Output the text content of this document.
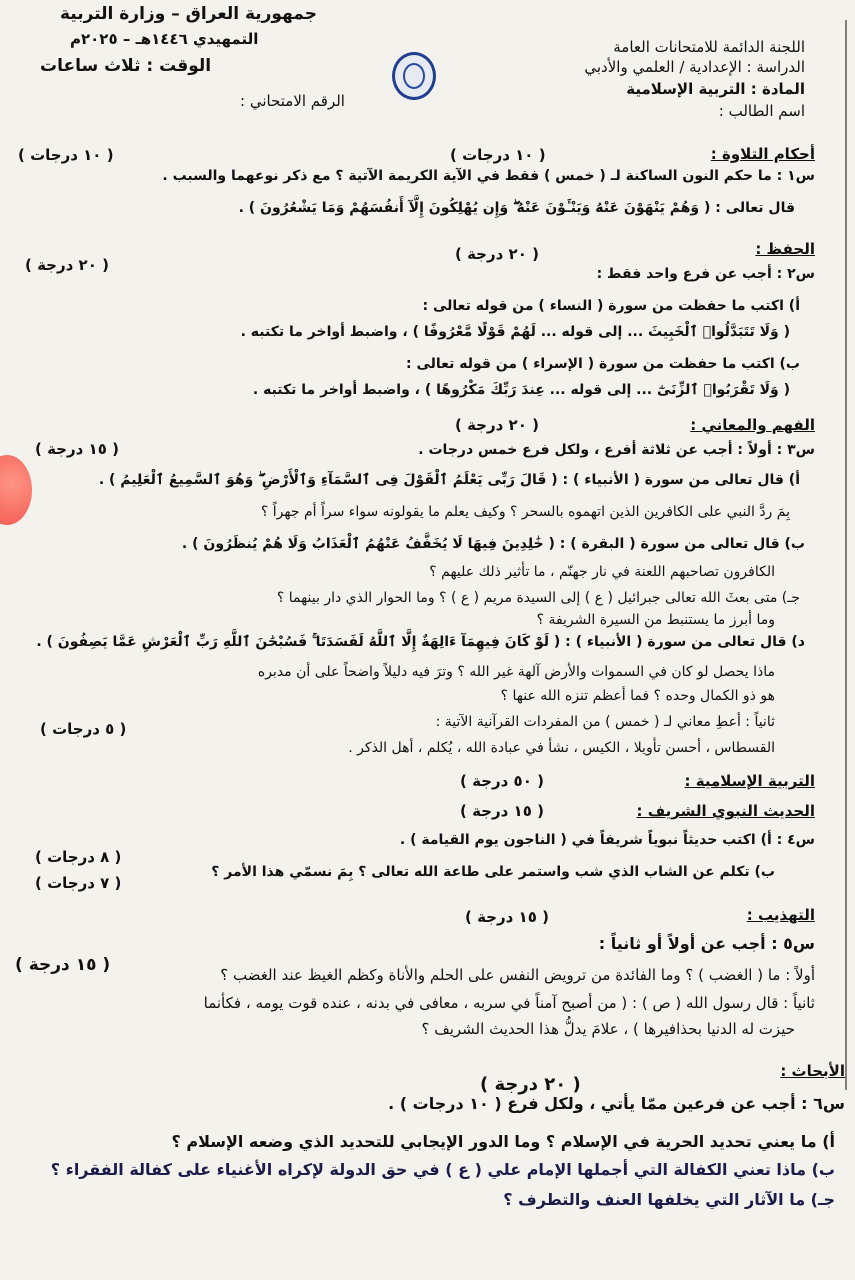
جمهورية العراق – وزارة التربية
التمهيدي ١٤٤٦هـ – ٢٠٢٥م
الوقت : ثلاث ساعات
الرقم الامتحاني :
اللجنة الدائمة للامتحانات العامة
الدراسة : الإعدادية / العلمي والأدبي
المادة : التربية الإسلامية
اسم الطالب :
أحكام التلاوة :
( ١٠ درجات )
( ١٠ درجات )
س١ : ما حكم النون الساكنة لـ ( خمس ) فقط في الآية الكريمة الآتية ؟ مع ذكر نوعهما والسبب .
قال تعالى : ( وَهُمْ يَنْهَوْنَ عَنْهُ وَيَنْـَٔوْنَ عَنْهُ ۖ وَإِن يُهْلِكُونَ إِلَّآ أَنفُسَهُمْ وَمَا يَشْعُرُونَ ) .
الحفظ :
( ٢٠ درجة )
( ٢٠ درجة )	س٢ : أجب عن فرع واحد فقط :
أ) اكتب ما حفظت من سورة ( النساء ) من قوله تعالى :
( وَلَا تَتَبَدَّلُوا۟ ٱلْخَبِيثَ ... إلى قوله ... لَهُمْ قَوْلًا مَّعْرُوفًا ) ، واضبط أواخر ما تكتبه .
ب) اكتب ما حفظت من سورة ( الإسراء ) من قوله تعالى :
( وَلَا تَقْرَبُوا۟ ٱلزِّنَىٰٓ ... إلى قوله ... عِندَ رَبِّكَ مَكْرُوهًا ) ، واضبط أواخر ما تكتبه .
الفهم والمعاني :
( ٢٠ درجة )
( ١٥ درجة )	س٣ : أولاً : أجب عن ثلاثة أفرع ، ولكل فرع خمس درجات .
أ) قال تعالى من سورة ( الأنبياء ) : ( قَالَ رَبِّى يَعْلَمُ ٱلْقَوْلَ فِى ٱلسَّمَآءِ وَٱلْأَرْضِ ۖ وَهُوَ ٱلسَّمِيعُ ٱلْعَلِيمُ ) .
بِمَ ردَّ النبي على الكافرين الذين اتهموه بالسحر ؟ وكيف يعلم ما يقولونه سواء سراً أم جهراً ؟
ب) قال تعالى من سورة ( البقرة ) : ( خَٰلِدِينَ فِيهَا لَا يُخَفَّفُ عَنْهُمُ ٱلْعَذَابُ وَلَا هُمْ يُنظَرُونَ ) .
الكافرون تصاحبهم اللعنة في نار جهنّم ، ما تأثير ذلك عليهم ؟
جـ) متى بعثَ الله تعالى جبرائيل ( ع ) إلى السيدة مريم ( ع ) ؟ وما الحوار الذي دار بينهما ؟
وما أبرز ما يستنبط من السيرة الشريفة ؟
د) قال تعالى من سورة ( الأنبياء ) : ( لَوْ كَانَ فِيهِمَآ ءَالِهَةٌ إِلَّا ٱللَّهُ لَفَسَدَتَا ۚ فَسُبْحَٰنَ ٱللَّهِ رَبِّ ٱلْعَرْشِ عَمَّا يَصِفُونَ ) .
ماذا يحصل لو كان في السموات والأرض آلهة غير الله ؟ وترَ فيه دليلاً واضحاً على أن مدبره
هو ذو الكمال وحده ؟ فما أعظم تنزه الله عنها ؟
ثانياً : أعطِ معاني لـ ( خمس ) من المفردات القرآنية الآتية :
( ٥ درجات )
القسطاس ، أحسن تأويلا ، الكيس ، نشأ في عبادة الله ، يُكلم ، أهل الذكر .
التربية الإسلامية :
( ٥٠ درجة )
الحديث النبوي الشريف :
( ١٥ درجة )
س٤ : أ) اكتب حديثاً نبوياً شريفاً في ( الناجون يوم القيامة ) .
( ٨ درجات )
ب) تكلم عن الشاب الذي شب واستمر على طاعة الله تعالى ؟ بِمَ نسمّي هذا الأمر ؟
( ٧ درجات )
التهذيب :
( ١٥ درجة )
س٥ : أجب عن أولاً أو ثانياً :
( ١٥ درجة )	أولاً : ما ( الغضب ) ؟ وما الفائدة من ترويض النفس على الحلم والأناة وكظم الغيظ عند الغضب ؟
ثانياً : قال رسول الله ( ص ) : ( من أصبح آمناً في سربه ، معافى في بدنه ، عنده قوت يومه ، فكأنما
حيزت له الدنيا بحذافيرها ) ، علامَ يدلُّ هذا الحديث الشريف ؟
الأبحاث :
( ٢٠ درجة )
س٦ : أجب عن فرعين ممّا يأتي ، ولكل فرع ( ١٠ درجات ) .
أ) ما يعني تحديد الحرية في الإسلام ؟ وما الدور الإيجابي للتحديد الذي وضعه الإسلام ؟
ب) ماذا تعني الكفالة التي أجملها الإمام علي ( ع ) في حق الدولة لإكراه الأغنياء على كفالة الفقراء ؟
جـ) ما الآثار التي يخلفها العنف والتطرف ؟
